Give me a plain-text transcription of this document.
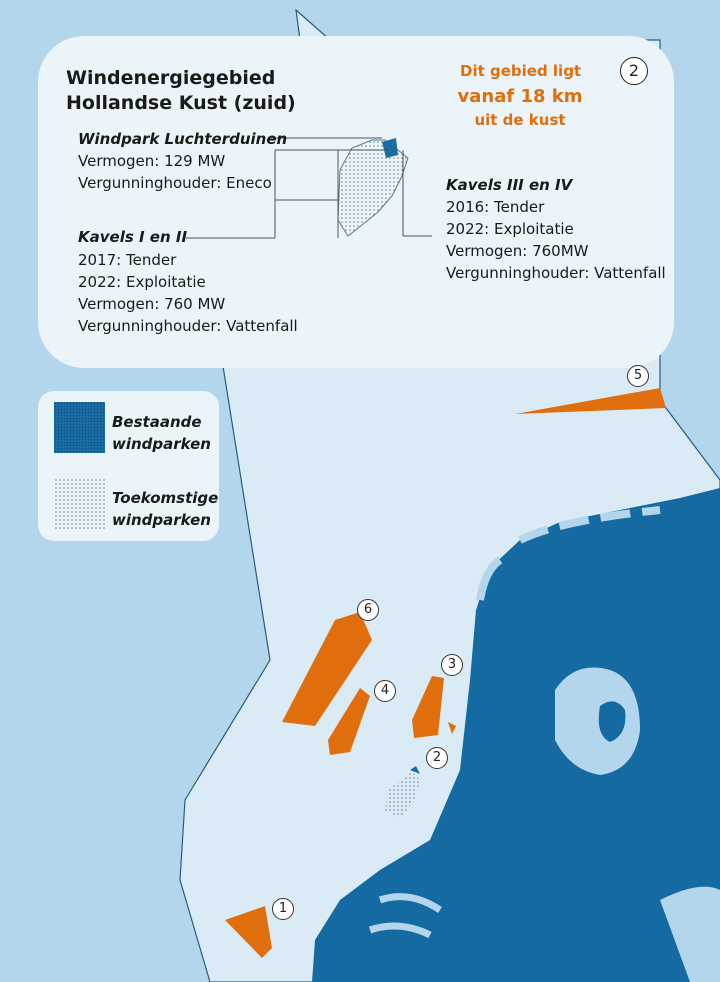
Windenergiegebied
Hollandse Kust (zuid)
2
Dit gebied ligt
vanaf 18 km
uit de kust
Windpark Luchterduinen
Vermogen: 129 MW
Vergunninghouder: Eneco
Kavels I en II
2017: Tender
2022: Exploitatie
Vermogen: 760 MW
Vergunninghouder: Vattenfall
Kavels III en IV
2016: Tender
2022: Exploitatie
Vermogen: 760MW
Vergunninghouder: Vattenfall
Bestaande
windparken
Toekomstige
windparken
1
2
3
4
5
6
